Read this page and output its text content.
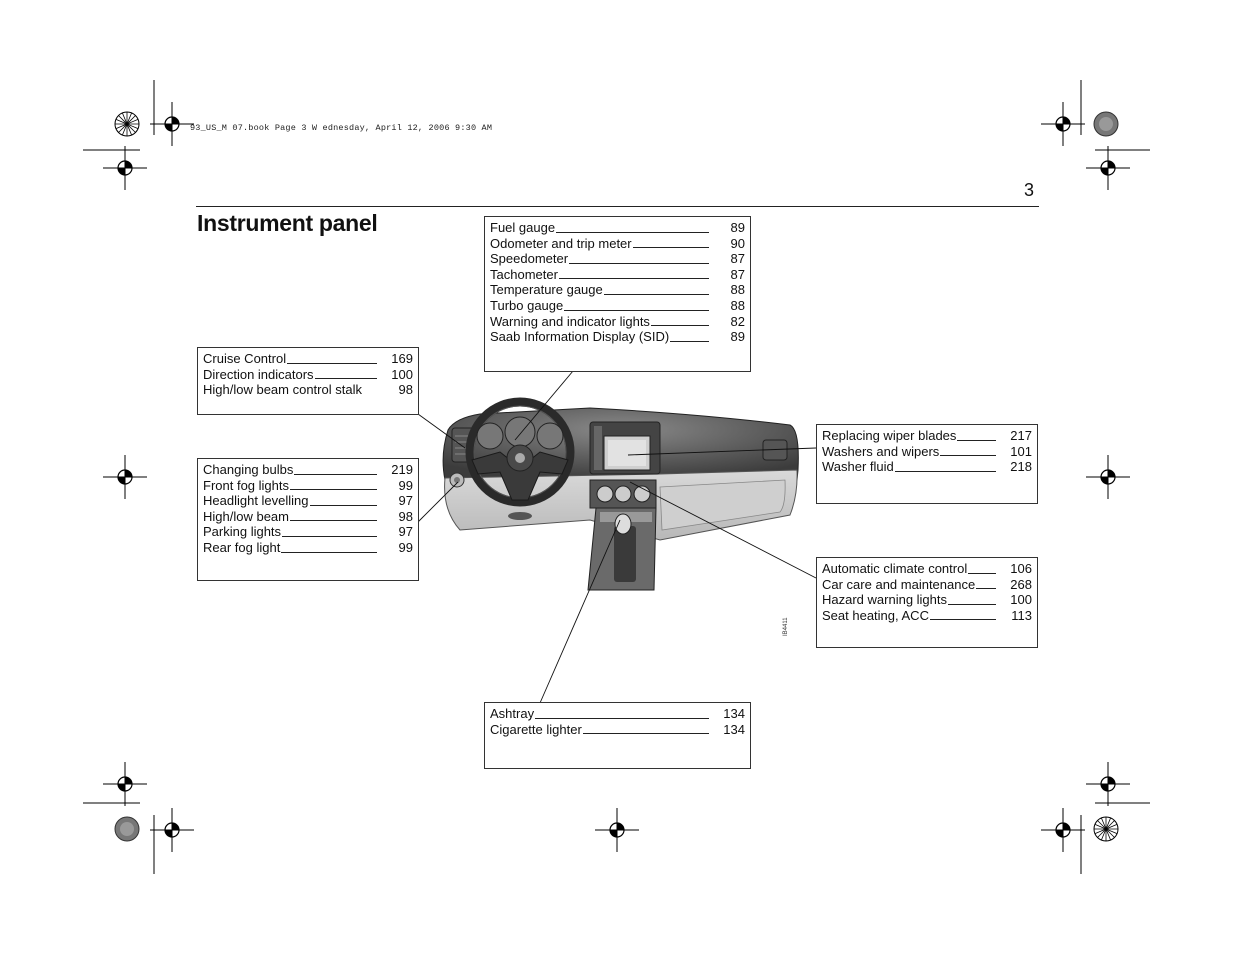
93_US_M 07.book Page 3 W ednesday, April 12, 2006 9:30 AM
3
Instrument panel
IB4411
Fuel gauge	89
Odometer and trip meter	90
Speedometer	87
Tachometer	87
Temperature gauge	88
Turbo gauge	88
Warning and indicator lights	82
Saab Information Display (SID)	89
Cruise Control	169
Direction indicators	100
High/low beam control stalk	98
Changing bulbs	219
Front fog lights	99
Headlight levelling	97
High/low beam	98
Parking lights	97
Rear fog light	99
Replacing wiper blades	217
Washers and wipers	101
Washer fluid	218
Automatic climate control	106
Car care and maintenance	268
Hazard warning lights	100
Seat heating, ACC	113
Ashtray	134
Cigarette lighter	134
